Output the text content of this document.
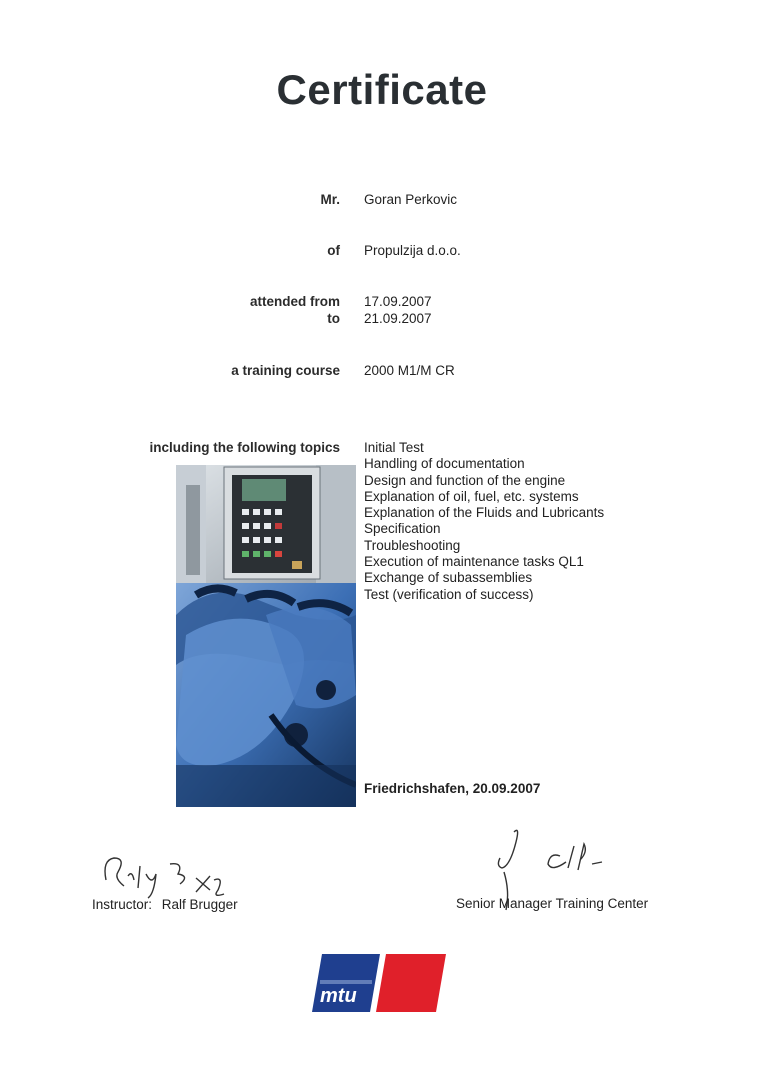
Certificate
Mr. Goran Perkovic
of Propulzija d.o.o.
attended from 17.09.2007
to 21.09.2007
a training course 2000 M1/M CR
including the following topics Initial Test
Handling of documentation
Design and function of the engine
Explanation of oil, fuel, etc. systems
Explanation of the Fluids and Lubricants
Specification
Troubleshooting
Execution of maintenance tasks QL1
Exchange of subassemblies
Test (verification of success)
Friedrichshafen, 20.09.2007
Instructor: Ralf Brugger	Senior Manager Training Center
mtu
